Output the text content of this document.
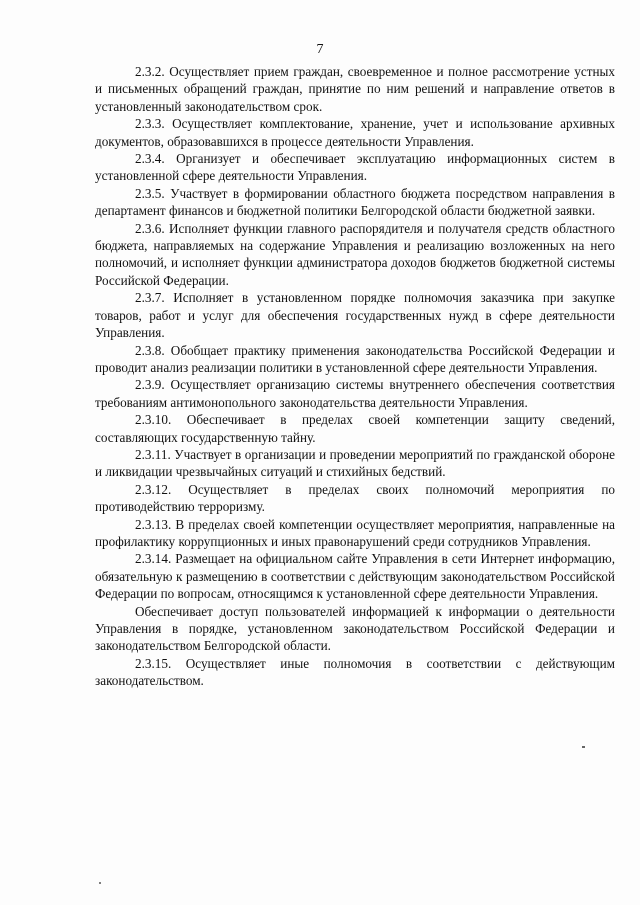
7

2.3.2. Осуществляет прием граждан, своевременное и полное рассмотрение устных и письменных обращений граждан, принятие по ним решений и направление ответов в установленный законодательством срок.

2.3.3. Осуществляет комплектование, хранение, учет и использование архивных документов, образовавшихся в процессе деятельности Управления.

2.3.4. Организует и обеспечивает эксплуатацию информационных систем в установленной сфере деятельности Управления.

2.3.5. Участвует в формировании областного бюджета посредством направления в департамент финансов и бюджетной политики Белгородской области бюджетной заявки.

2.3.6. Исполняет функции главного распорядителя и получателя средств областного бюджета, направляемых на содержание Управления и реализацию возложенных на него полномочий, и исполняет функции администратора доходов бюджетов бюджетной системы Российской Федерации.

2.3.7. Исполняет в установленном порядке полномочия заказчика при закупке товаров, работ и услуг для обеспечения государственных нужд в сфере деятельности Управления.

2.3.8. Обобщает практику применения законодательства Российской Федерации и проводит анализ реализации политики в установленной сфере деятельности Управления.

2.3.9. Осуществляет организацию системы внутреннего обеспечения соответствия требованиям антимонопольного законодательства деятельности Управления.

2.3.10. Обеспечивает в пределах своей компетенции защиту сведений, составляющих государственную тайну.

2.3.11. Участвует в организации и проведении мероприятий по гражданской обороне и ликвидации чрезвычайных ситуаций и стихийных бедствий.

2.3.12. Осуществляет в пределах своих полномочий мероприятия по противодействию терроризму.

2.3.13. В пределах своей компетенции осуществляет мероприятия, направленные на профилактику коррупционных и иных правонарушений среди сотрудников Управления.

2.3.14. Размещает на официальном сайте Управления в сети Интернет информацию, обязательную к размещению в соответствии с действующим законодательством Российской Федерации по вопросам, относящимся к установленной сфере деятельности Управления.

Обеспечивает доступ пользователей информацией к информации о деятельности Управления в порядке, установленном законодательством Российской Федерации и законодательством Белгородской области.

2.3.15. Осуществляет иные полномочия в соответствии с действующим законодательством.
